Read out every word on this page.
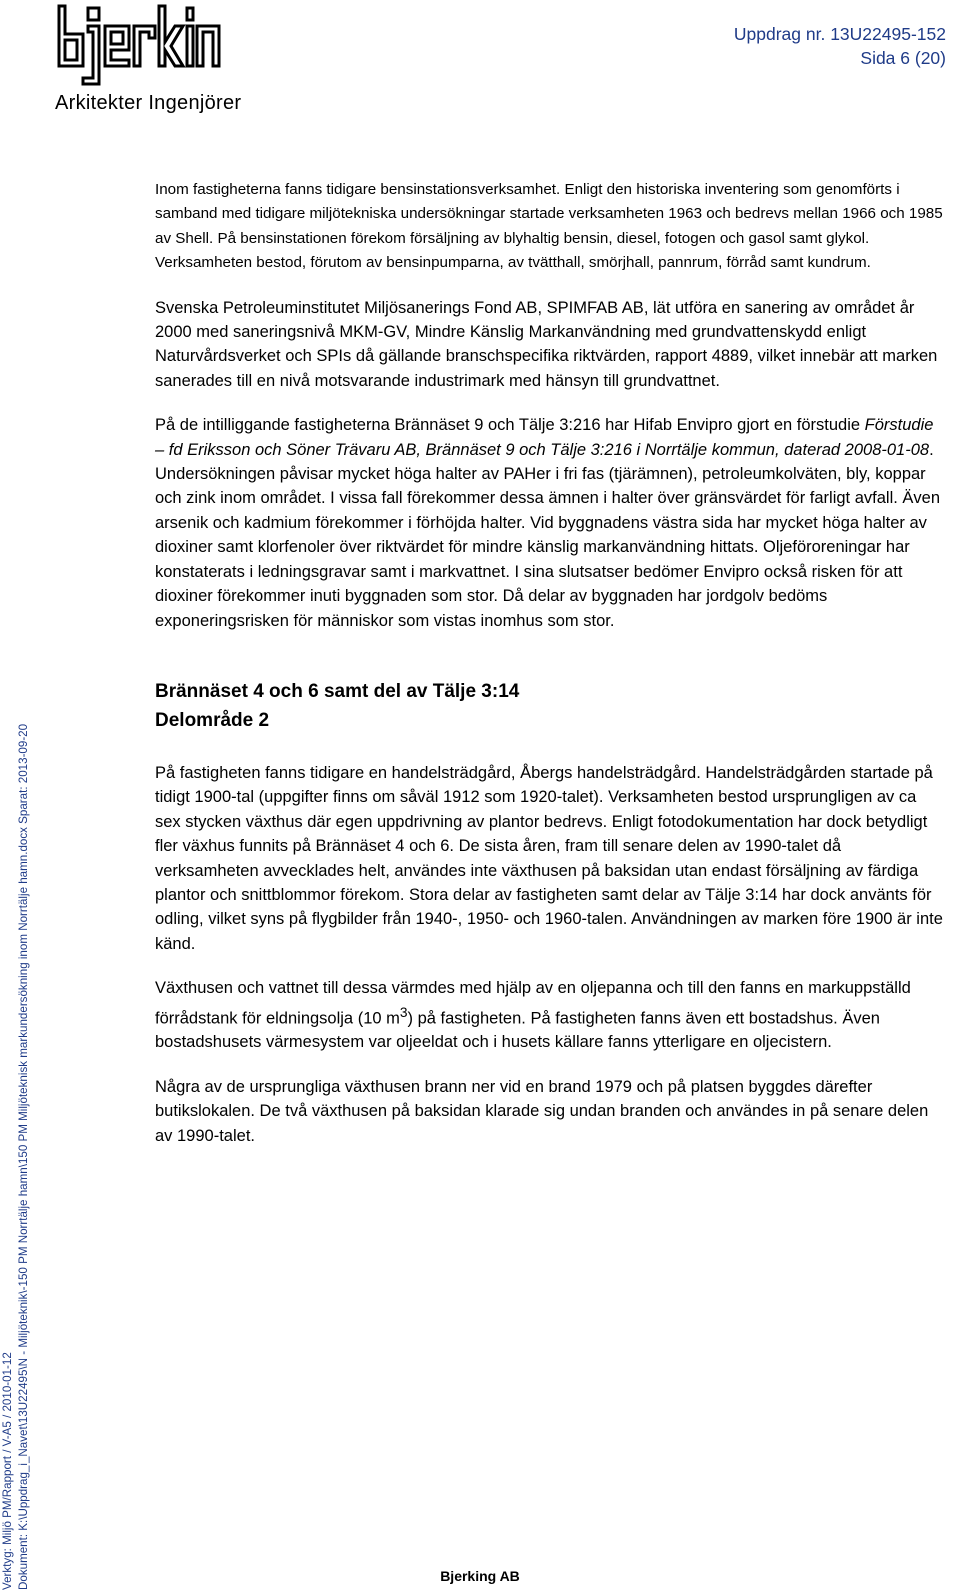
Arkitekter Ingenjörer
Uppdrag nr. 13U22495-152
Sida 6 (20)

Inom fastigheterna fanns tidigare bensinstationsverksamhet. Enligt den historiska inventering som genomförts i samband med tidigare miljötekniska undersökningar startade verksamheten 1963 och bedrevs mellan 1966 och 1985 av Shell. På bensinstationen förekom försäljning av blyhaltig bensin, diesel, fotogen och gasol samt glykol. Verksamheten bestod, förutom av bensinpumparna, av tvätthall, smörjhall, pannrum, förråd samt kundrum.

Svenska Petroleuminstitutet Miljösanerings Fond AB, SPIMFAB AB, lät utföra en sanering av området år 2000 med saneringsnivå MKM-GV, Mindre Känslig Markanvändning med grundvattenskydd enligt Naturvårdsverket och SPIs då gällande branschspecifika riktvärden, rapport 4889, vilket innebär att marken sanerades till en nivå motsvarande industrimark med hänsyn till grundvattnet.

På de intilliggande fastigheterna Brännäset 9 och Tälje 3:216 har Hifab Envipro gjort en förstudie Förstudie – fd Eriksson och Söner Trävaru AB, Brännäset 9 och Tälje 3:216 i Norrtälje kommun, daterad 2008-01-08. Undersökningen påvisar mycket höga halter av PAHer i fri fas (tjärämnen), petroleumkolväten, bly, koppar och zink inom området. I vissa fall förekommer dessa ämnen i halter över gränsvärdet för farligt avfall. Även arsenik och kadmium förekommer i förhöjda halter. Vid byggnadens västra sida har mycket höga halter av dioxiner samt klorfenoler över riktvärdet för mindre känslig markanvändning hittats. Oljeföroreningar har konstaterats i ledningsgravar samt i markvattnet. I sina slutsatser bedömer Envipro också risken för att dioxiner förekommer inuti byggnaden som stor. Då delar av byggnaden har jordgolv bedöms exponeringsrisken för människor som vistas inomhus som stor.

Brännäset 4 och 6 samt del av Tälje 3:14
Delområde 2

På fastigheten fanns tidigare en handelsträdgård, Åbergs handelsträdgård. Handelsträdgården startade på tidigt 1900-tal (uppgifter finns om såväl 1912 som 1920-talet). Verksamheten bestod ursprungligen av ca sex stycken växthus där egen uppdrivning av plantor bedrevs. Enligt fotodokumentation har dock betydligt fler växhus funnits på Brännäset 4 och 6. De sista åren, fram till senare delen av 1990-talet då verksamheten avvecklades helt, användes inte växthusen på baksidan utan endast försäljning av färdiga plantor och snittblommor förekom. Stora delar av fastigheten samt delar av Tälje 3:14 har dock använts för odling, vilket syns på flygbilder från 1940-, 1950- och 1960-talen. Användningen av marken före 1900 är inte känd.

Växthusen och vattnet till dessa värmdes med hjälp av en oljepanna och till den fanns en markuppställd förrådstank för eldningsolja (10 $m^3$) på fastigheten. På fastigheten fanns även ett bostadshus. Även bostadshusets värmesystem var oljeeldat och i husets källare fanns ytterligare en oljecistern.

Några av de ursprungliga växthusen brann ner vid en brand 1979 och på platsen byggdes därefter butikslokalen. De två växthusen på baksidan klarade sig undan branden och användes in på senare delen av 1990-talet.

Verktyg: Miljö PM/Rapport / V-A5 / 2010-01-12 Dokument: K:\Uppdrag_i_Navet\13U22495\N - Miljöteknik\-150 PM Norrtälje hamn\150 PM Miljöteknisk markundersökning inom Norrtälje hamn.docx Sparat: 2013-09-20	Bjerking AB
